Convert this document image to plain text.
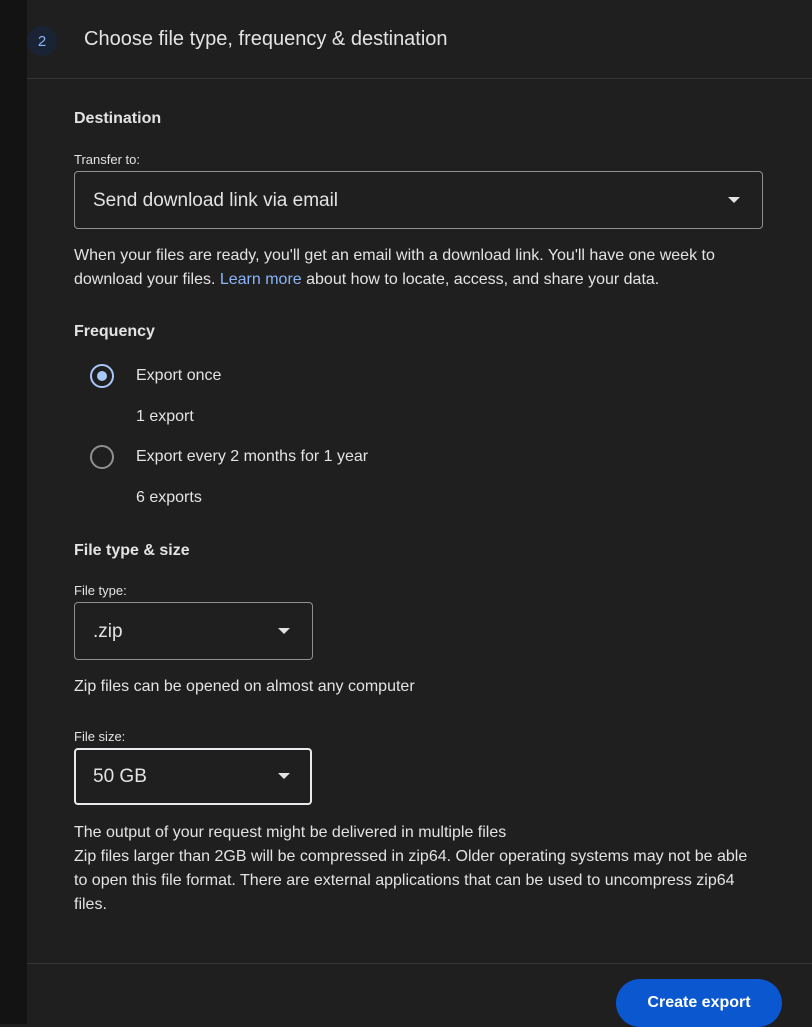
2	Choose file type, frequency & destination
Destination
Transfer to:
Send download link via email
When your files are ready, you'll get an email with a download link. You'll have one week to download your files. Learn more about how to locate, access, and share your data.
Frequency
Export once
1 export
Export every 2 months for 1 year
6 exports
File type & size
File type:
.zip
Zip files can be opened on almost any computer
File size:
50 GB
The output of your request might be delivered in multiple files
Zip files larger than 2GB will be compressed in zip64. Older operating systems may not be able to open this file format. There are external applications that can be used to uncompress zip64 files.
Create export
